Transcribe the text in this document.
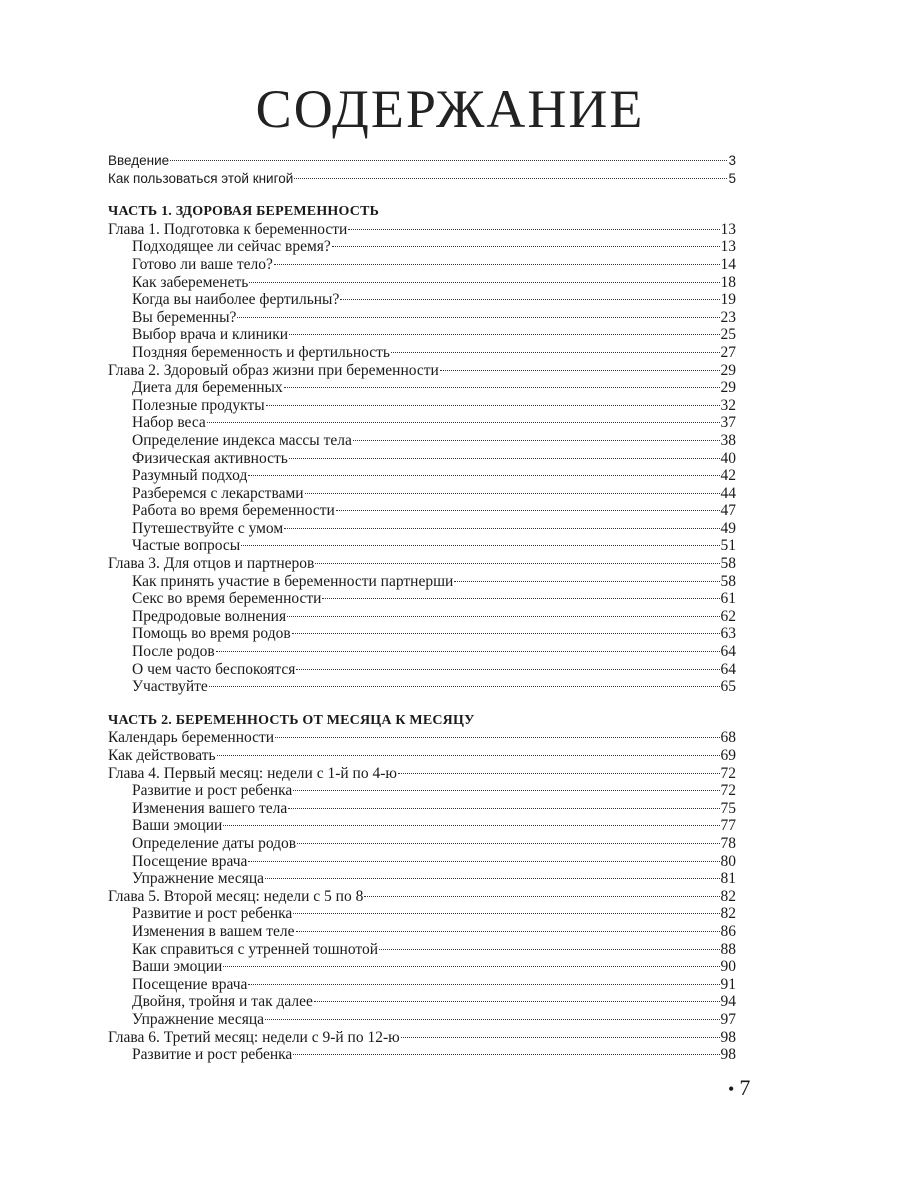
СОДЕРЖАНИЕ
Введение	3
Как пользоваться этой книгой	5
ЧАСТЬ 1. ЗДОРОВАЯ БЕРЕМЕННОСТЬ
Глава 1. Подготовка к беременности	13
Подходящее ли сейчас время?	13
Готово ли ваше тело?	14
Как забеременеть	18
Когда вы наиболее фертильны?	19
Вы беременны?	23
Выбор врача и клиники	25
Поздняя беременность и фертильность	27
Глава 2. Здоровый образ жизни при беременности	29
Диета для беременных	29
Полезные продукты	32
Набор веса	37
Определение индекса массы тела	38
Физическая активность	40
Разумный подход	42
Разберемся с лекарствами	44
Работа во время беременности	47
Путешествуйте с умом	49
Частые вопросы	51
Глава 3. Для отцов и партнеров	58
Как принять участие в беременности партнерши	58
Секс во время беременности	61
Предродовые волнения	62
Помощь во время родов	63
После родов	64
О чем часто беспокоятся	64
Участвуйте	65
ЧАСТЬ 2. БЕРЕМЕННОСТЬ ОТ МЕСЯЦА К МЕСЯЦУ
Календарь беременности	68
Как действовать	69
Глава 4. Первый месяц: недели с 1-й по 4-ю	72
Развитие и рост ребенка	72
Изменения вашего тела	75
Ваши эмоции	77
Определение даты родов	78
Посещение врача	80
Упражнение месяца	81
Глава 5. Второй месяц: недели с 5 по 8	82
Развитие и рост ребенка	82
Изменения в вашем теле	86
Как справиться с утренней тошнотой	88
Ваши эмоции	90
Посещение врача	91
Двойня, тройня и так далее	94
Упражнение месяца	97
Глава 6. Третий месяц: недели с 9-й по 12-ю	98
Развитие и рост ребенка	98
• 7
